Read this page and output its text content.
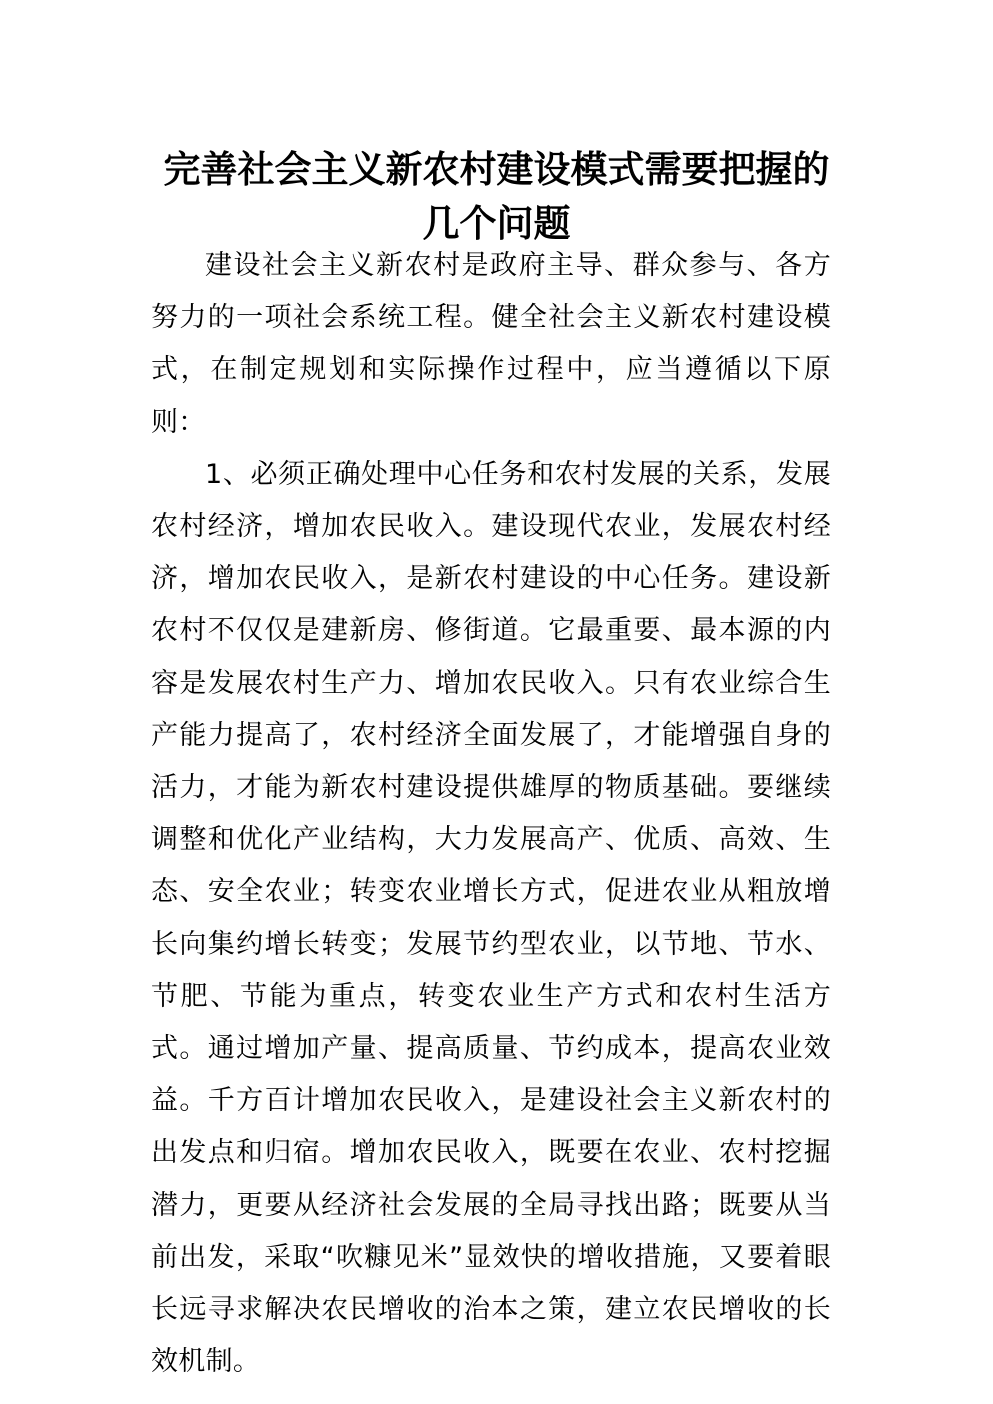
完善社会主义新农村建设模式需要把握的
几个问题

建设社会主义新农村是政府主导、群众参与、各方努力的一项社会系统工程。健全社会主义新农村建设模式，在制定规划和实际操作过程中，应当遵循以下原则：

1、必须正确处理中心任务和农村发展的关系，发展农村经济，增加农民收入。建设现代农业，发展农村经济，增加农民收入，是新农村建设的中心任务。建设新农村不仅仅是建新房、修街道。它最重要、最本源的内容是发展农村生产力、增加农民收入。只有农业综合生产能力提高了，农村经济全面发展了，才能增强自身的活力，才能为新农村建设提供雄厚的物质基础。要继续调整和优化产业结构，大力发展高产、优质、高效、生态、安全农业；转变农业增长方式，促进农业从粗放增长向集约增长转变；发展节约型农业，以节地、节水、节肥、节能为重点，转变农业生产方式和农村生活方式。通过增加产量、提高质量、节约成本，提高农业效益。千方百计增加农民收入，是建设社会主义新农村的出发点和归宿。增加农民收入，既要在农业、农村挖掘潜力，更要从经济社会发展的全局寻找出路；既要从当前出发，采取“吹糠见米”显效快的增收措施，又要着眼长远寻求解决农民增收的治本之策，建立农民增收的长效机制。
